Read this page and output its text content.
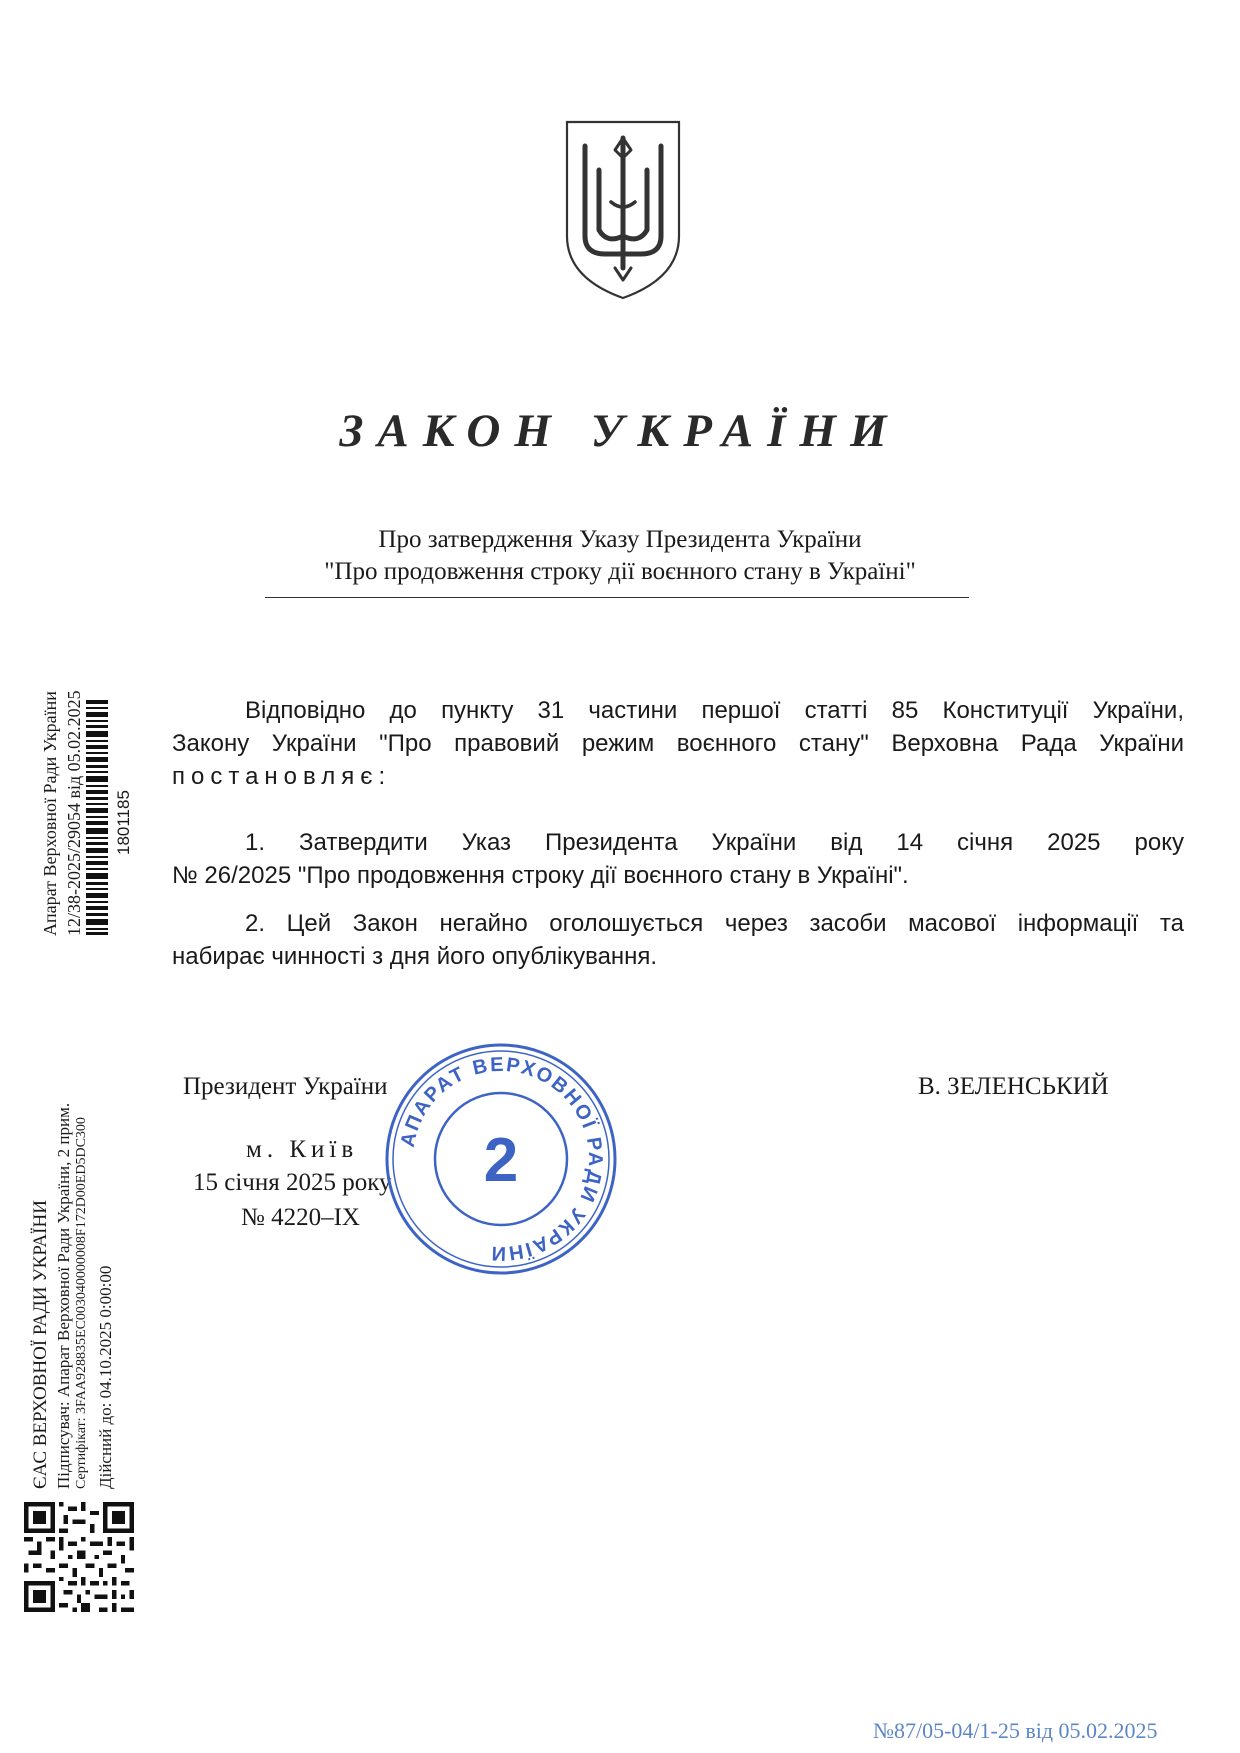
ЗАКОН УКРАЇНИ
Про затвердження Указу Президента України
"Про продовження строку дії воєнного стану в Україні"
Відповідно до пункту 31 частини першої статті 85 Конституції України,
Закону України "Про правовий режим воєнного стану" Верховна Рада України
постановляє:
1. Затвердити Указ Президента України від 14 січня 2025 року
№ 26/2025 "Про продовження строку дії воєнного стану в Україні".
2. Цей Закон негайно оголошується через засоби масової інформації та
набирає чинності з дня його опублікування.
Президент України	В. ЗЕЛЕНСЬКИЙ
м. Київ
15 січня 2025 року
№ 4220–IX
АПАРАТ ВЕРХОВНОЇ РАДИ УКРАЇНИ
2
Апарат Верховної Ради України 12/38-2025/29054 від 05.02.2025 1801185
ЄАС ВЕРХОВНОЇ РАДИ УКРАЇНИ Підписувач: Апарат Верховної Ради України, 2 прим. Сертифікат: 3FAA928835EC003040000008F172D00ED5DC300 Дійсний до: 04.10.2025 0:00:00
№87/05-04/1-25 від 05.02.2025
